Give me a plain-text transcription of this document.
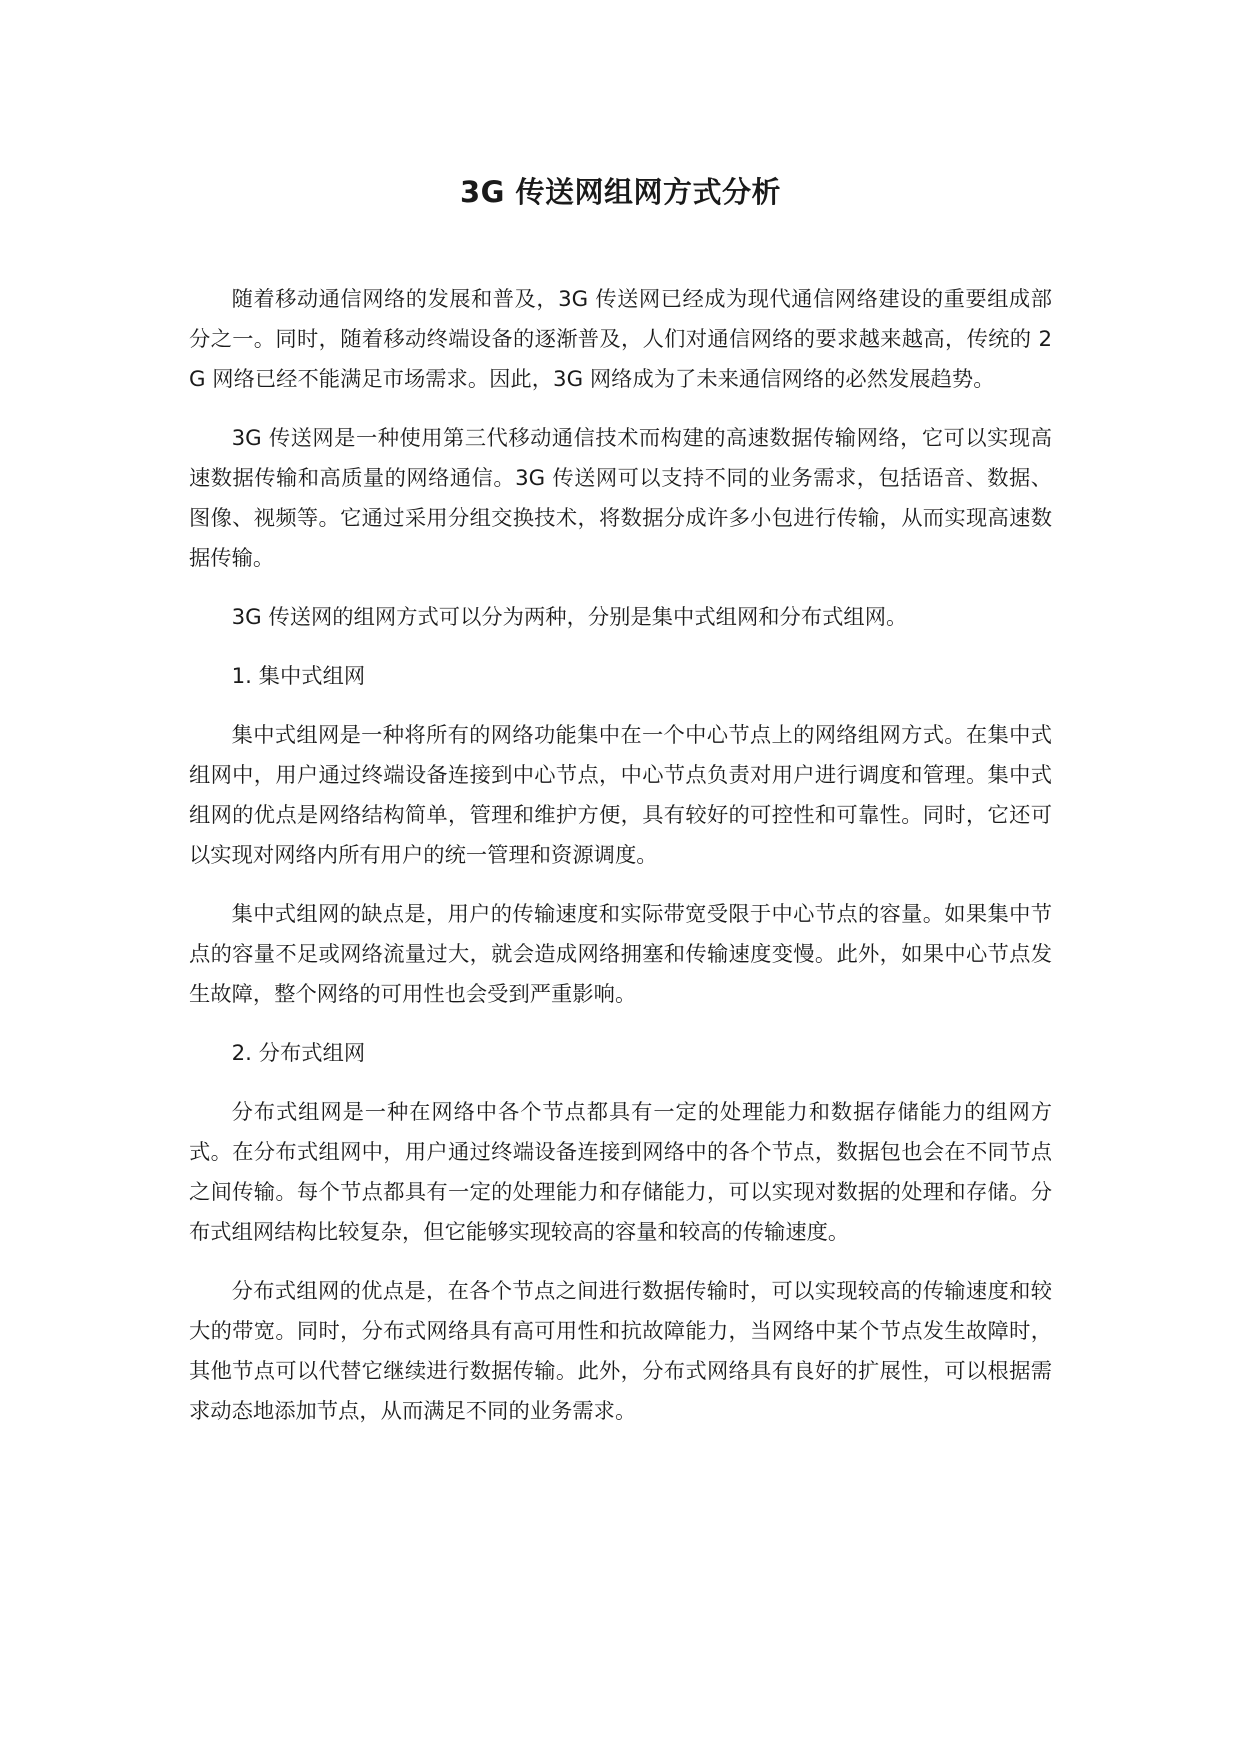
3G 传送网组网方式分析

随着移动通信网络的发展和普及，3G 传送网已经成为现代通信网络建设的重要组成部分之一。同时，随着移动终端设备的逐渐普及，人们对通信网络的要求越来越高，传统的 2G 网络已经不能满足市场需求。因此，3G 网络成为了未来通信网络的必然发展趋势。

3G 传送网是一种使用第三代移动通信技术而构建的高速数据传输网络，它可以实现高速数据传输和高质量的网络通信。3G 传送网可以支持不同的业务需求，包括语音、数据、图像、视频等。它通过采用分组交换技术，将数据分成许多小包进行传输，从而实现高速数据传输。

3G 传送网的组网方式可以分为两种，分别是集中式组网和分布式组网。

1. 集中式组网

集中式组网是一种将所有的网络功能集中在一个中心节点上的网络组网方式。在集中式组网中，用户通过终端设备连接到中心节点，中心节点负责对用户进行调度和管理。集中式组网的优点是网络结构简单，管理和维护方便，具有较好的可控性和可靠性。同时，它还可以实现对网络内所有用户的统一管理和资源调度。

集中式组网的缺点是，用户的传输速度和实际带宽受限于中心节点的容量。如果集中节点的容量不足或网络流量过大，就会造成网络拥塞和传输速度变慢。此外，如果中心节点发生故障，整个网络的可用性也会受到严重影响。

2. 分布式组网

分布式组网是一种在网络中各个节点都具有一定的处理能力和数据存储能力的组网方式。在分布式组网中，用户通过终端设备连接到网络中的各个节点，数据包也会在不同节点之间传输。每个节点都具有一定的处理能力和存储能力，可以实现对数据的处理和存储。分布式组网结构比较复杂，但它能够实现较高的容量和较高的传输速度。

分布式组网的优点是，在各个节点之间进行数据传输时，可以实现较高的传输速度和较大的带宽。同时，分布式网络具有高可用性和抗故障能力，当网络中某个节点发生故障时，其他节点可以代替它继续进行数据传输。此外，分布式网络具有良好的扩展性，可以根据需求动态地添加节点，从而满足不同的业务需求。
